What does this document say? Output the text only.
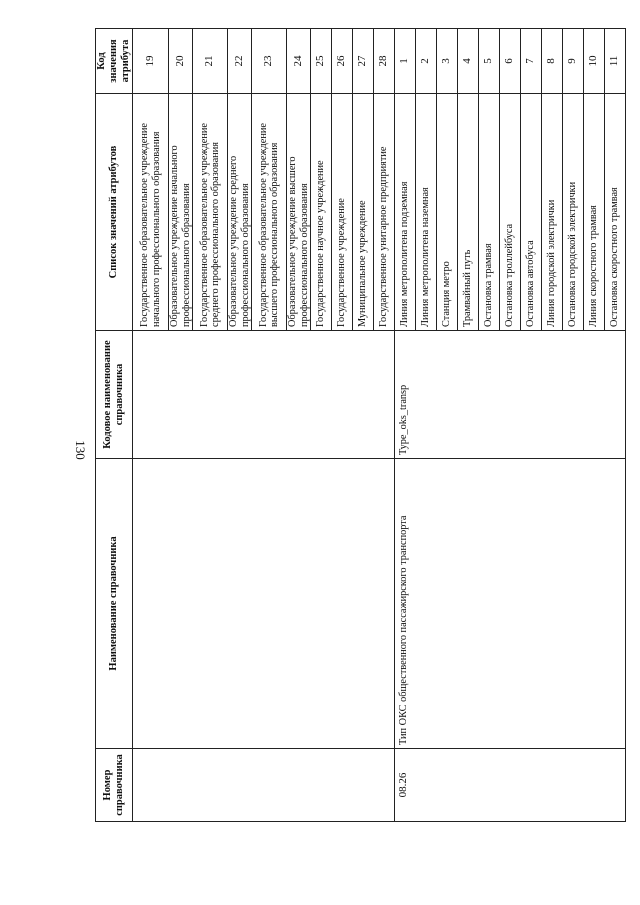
130
Номер справочника	Наименование справочника	Кодовое наименование справочника	Список значений атрибутов	Код значения атрибута
			Государственное образовательное учреждение начального профессионального образования	19
			Образовательное учреждение начального профессионального образования	20
			Государственное образовательное учреждение среднего профессионального образования	21
			Образовательное учреждение среднего профессионального образования	22
			Государственное образовательное учреждение высшего профессионального образования	23
			Образовательное учреждение высшего профессионального образования	24
			Государственное научное учреждение	25
			Государственное учреждение	26
			Муниципальное учреждение	27
			Государственное унитарное предприятие	28
08.26	Тип ОКС общественного пассажирского транспорта	Type_oks_transp	Линия метрополитена подземная	1
			Линия метрополитена наземная	2
			Станция метро	3
			Трамвайный путь	4
			Остановка трамвая	5
			Остановка троллейбуса	6
			Остановка автобуса	7
			Линия городской электрички	8
			Остановка городской электрички	9
			Линия скоростного трамвая	10
			Остановка скоростного трамвая	11
